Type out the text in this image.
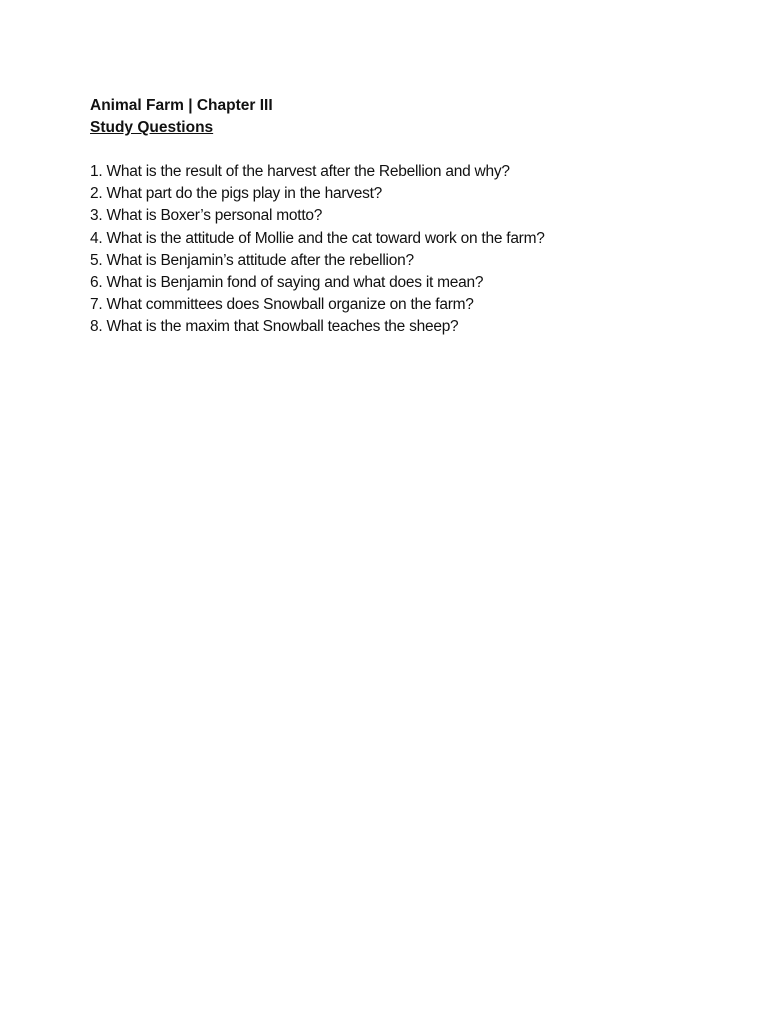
Animal Farm | Chapter III
Study Questions
1. What is the result of the harvest after the Rebellion and why?
2. What part do the pigs play in the harvest?
3. What is Boxer’s personal motto?
4. What is the attitude of Mollie and the cat toward work on the farm?
5. What is Benjamin’s attitude after the rebellion?
6. What is Benjamin fond of saying and what does it mean?
7. What committees does Snowball organize on the farm?
8. What is the maxim that Snowball teaches the sheep?
